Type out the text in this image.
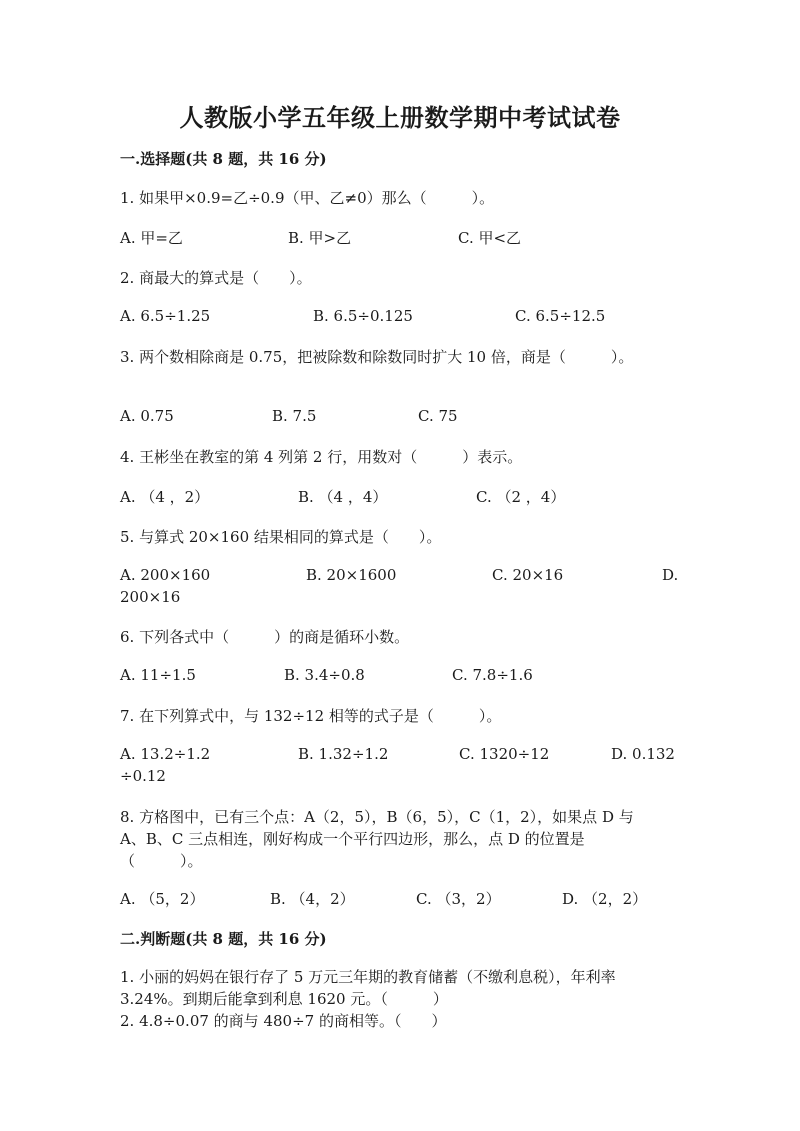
人教版小学五年级上册数学期中考试试卷
一.选择题(共 8 题，共 16 分)
1. 如果甲×0.9=乙÷0.9（甲、乙≠0）那么（　　　）。
A. 甲=乙	B. 甲>乙	C. 甲<乙
2. 商最大的算式是（　　）。
A. 6.5÷1.25	B. 6.5÷0.125	C. 6.5÷12.5
3. 两个数相除商是 0.75，把被除数和除数同时扩大 10 倍，商是（　　　）。
A. 0.75	B. 7.5	C. 75
4. 王彬坐在教室的第 4 列第 2 行，用数对（　　　）表示。
A. （4 ，2）	B. （4 ，4）	C. （2 ，4）
5. 与算式 20×160 结果相同的算式是（　　）。
A. 200×160	B. 20×1600	C. 20×16	D.
200×16
6. 下列各式中（　　　）的商是循环小数。
A. 11÷1.5	B. 3.4÷0.8	C. 7.8÷1.6
7. 在下列算式中，与 132÷12 相等的式子是（　　　）。
A. 13.2÷1.2	B. 1.32÷1.2	C. 1320÷12	D. 0.132
÷0.12
8. 方格图中，已有三个点：A（2，5），B（6，5），C（1，2），如果点 D 与
A、B、C 三点相连，刚好构成一个平行四边形，那么，点 D 的位置是
（　　　）。
A. （5，2）	B. （4，2）	C. （3，2）	D. （2，2）
二.判断题(共 8 题，共 16 分)
1. 小丽的妈妈在银行存了 5 万元三年期的教育储蓄（不缴利息税），年利率
3.24%。到期后能拿到利息 1620 元。（　　　）
2. 4.8÷0.07 的商与 480÷7 的商相等。（　　）
